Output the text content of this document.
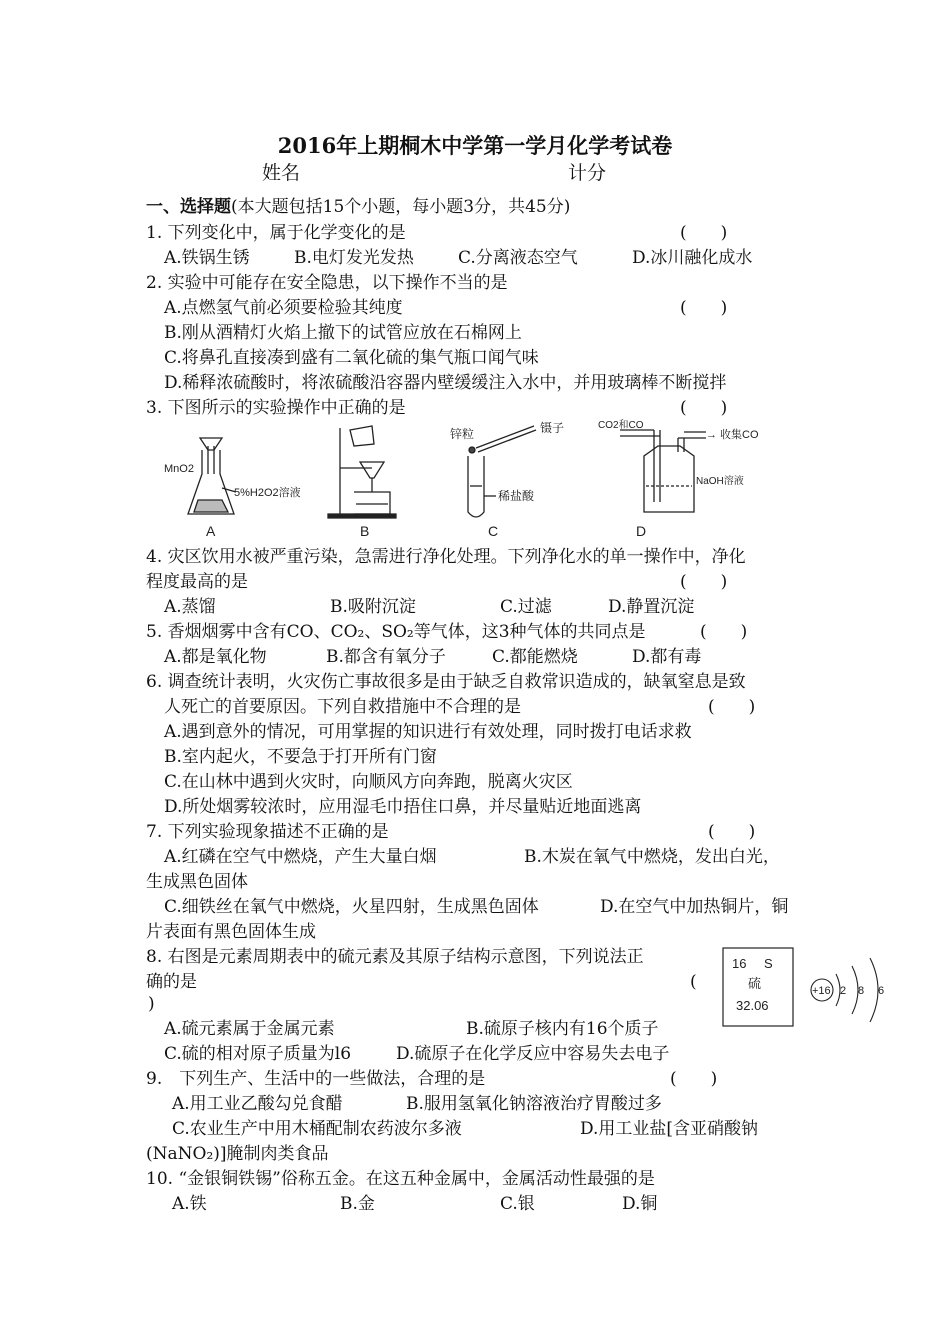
2016年上期桐木中学第一学月化学考试卷
姓名	计分
一、选择题(本大题包括15个小题，每小题3分，共45分)
1. 下列变化中，属于化学变化的是	(　　)
A.铁锅生锈	B.电灯发光发热	C.分离液态空气	D.冰川融化成水
2. 实验中可能存在安全隐患，以下操作不当的是
A.点燃氢气前必须要检验其纯度	(　　)
B.刚从酒精灯火焰上撤下的试管应放在石棉网上
C.将鼻孔直接凑到盛有二氧化硫的集气瓶口闻气味
D.稀释浓硫酸时，将浓硫酸沿容器内壁缓缓注入水中，并用玻璃棒不断搅拌
3. 下图所示的实验操作中正确的是	(　　)
MnO2
5%H2O2溶液
A	B
锌粒	镊子
稀盐酸
C
CO2和CO
→ 收集CO
NaOH溶液
D
4. 灾区饮用水被严重污染，急需进行净化处理。下列净化水的单一操作中，净化
程度最高的是	(　　)
A.蒸馏	B.吸附沉淀	C.过滤	D.静置沉淀
5. 香烟烟雾中含有CO、CO₂、SO₂等气体，这3种气体的共同点是	(　　)
A.都是氧化物	B.都含有氧分子	C.都能燃烧	D.都有毒
6. 调查统计表明，火灾伤亡事故很多是由于缺乏自救常识造成的，缺氧窒息是致
人死亡的首要原因。下列自救措施中不合理的是	(　　)
A.遇到意外的情况，可用掌握的知识进行有效处理，同时拨打电话求救
B.室内起火，不要急于打开所有门窗
C.在山林中遇到火灾时，向顺风方向奔跑，脱离火灾区
D.所处烟雾较浓时，应用湿毛巾捂住口鼻，并尽量贴近地面逃离
7. 下列实验现象描述不正确的是	(　　)
A.红磷在空气中燃烧，产生大量白烟	B.木炭在氧气中燃烧，发出白光，
生成黑色固体
C.细铁丝在氧气中燃烧，火星四射，生成黑色固体	D.在空气中加热铜片，铜
片表面有黑色固体生成
8. 右图是元素周期表中的硫元素及其原子结构示意图，下列说法正
确的是	(
)
16 S
硫
32.06
+16 2 8 6
A.硫元素属于金属元素	B.硫原子核内有16个质子
C.硫的相对原子质量为l6	D.硫原子在化学反应中容易失去电子
9.　下列生产、生活中的一些做法，合理的是	(　　)
A.用工业乙酸勾兑食醋	B.服用氢氧化钠溶液治疗胃酸过多
C.农业生产中用木桶配制农药波尔多液	D.用工业盐[含亚硝酸钠
(NaNO₂)]腌制肉类食品
10. “金银铜铁锡”俗称五金。在这五种金属中，金属活动性最强的是
A.铁	B.金	C.银	D.铜
